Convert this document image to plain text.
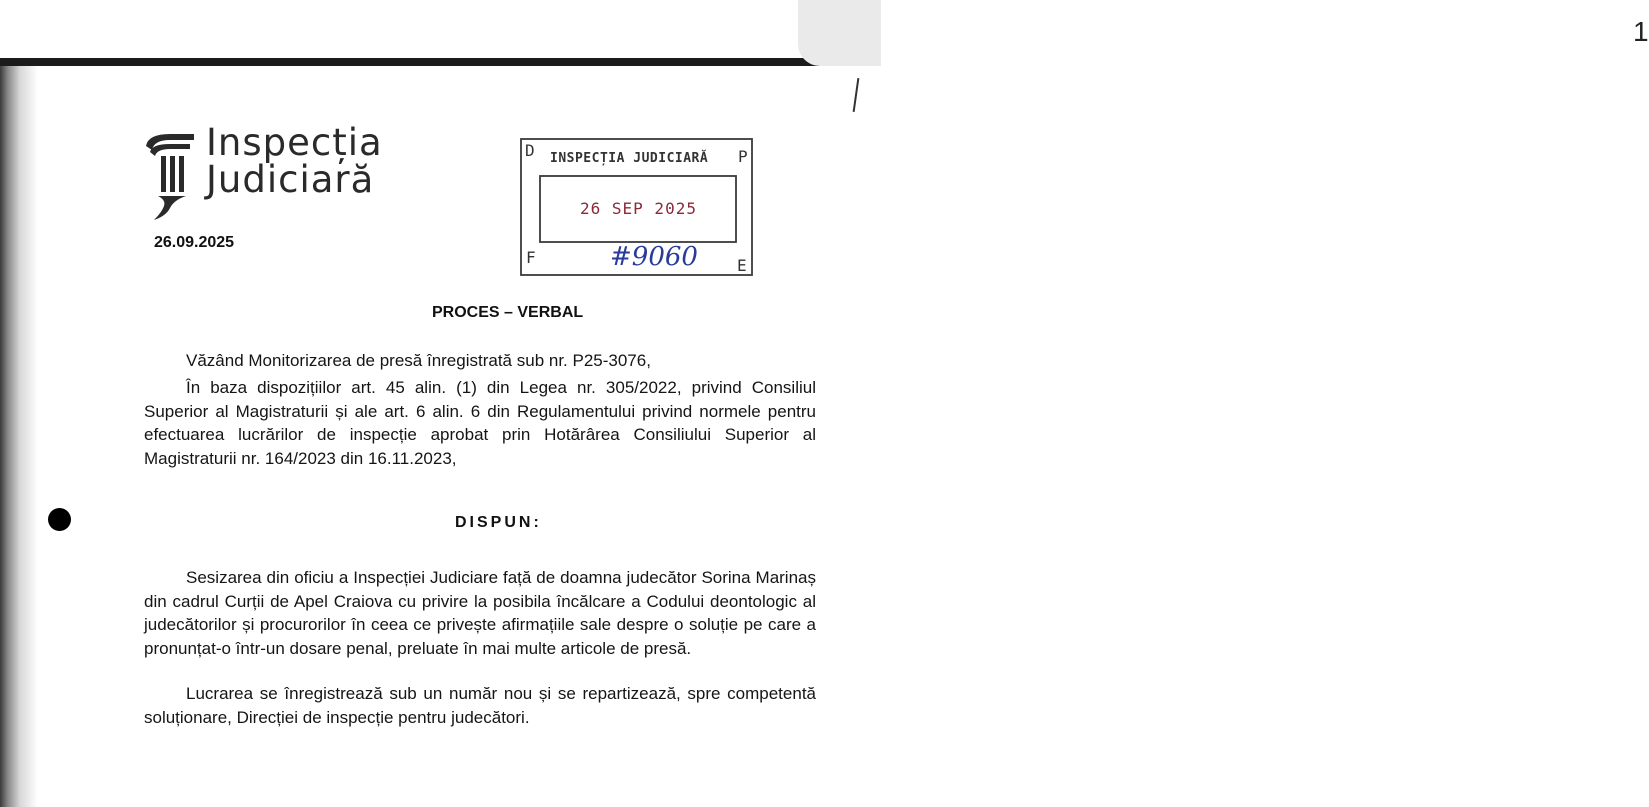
1
Inspecția
Judiciară
26.09.2025
D	P
F	E
INSPECȚIA JUDICIARĂ
26 SEP 2025
#9060
PROCES – VERBAL

Văzând Monitorizarea de presă înregistrată sub nr. P25-3076,

În baza dispozițiilor art. 45 alin. (1) din Legea nr. 305/2022, privind Consiliul Superior al Magistraturii și ale art. 6 alin. 6 din Regulamentului privind normele pentru efectuarea lucrărilor de inspecție aprobat prin Hotărârea Consiliului Superior al Magistraturii nr. 164/2023 din 16.11.2023,

DISPUN:

Sesizarea din oficiu a Inspecției Judiciare față de doamna judecător Sorina Marinaș din cadrul Curții de Apel Craiova cu privire la posibila încălcare a Codului deontologic al judecătorilor și procurorilor în ceea ce privește afirmațiile sale despre o soluție pe care a pronunțat-o într-un dosare penal, preluate în mai multe articole de presă.

Lucrarea se înregistrează sub un număr nou și se repartizează, spre competentă soluționare, Direcției de inspecție pentru judecători.
